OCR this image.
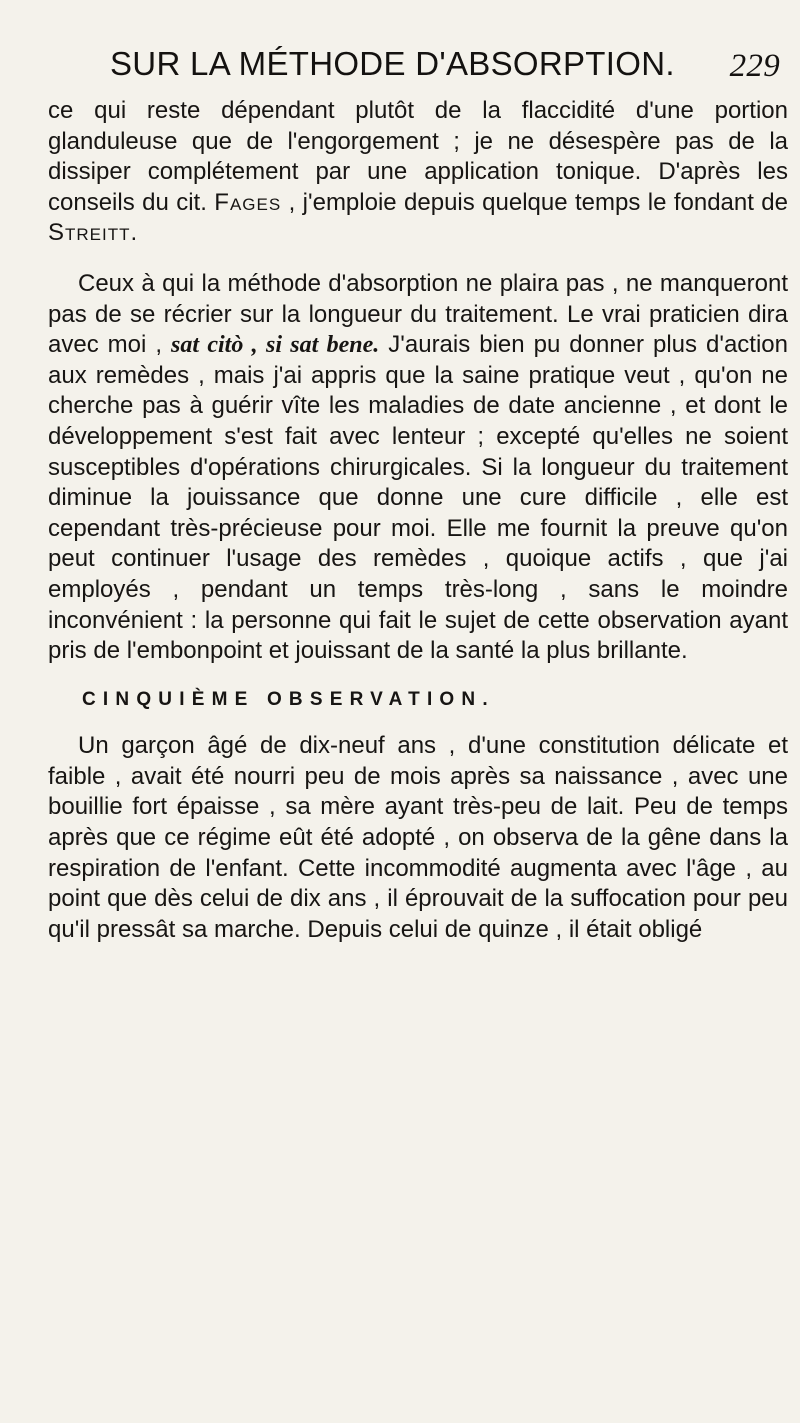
SUR LA MÉTHODE D'ABSORPTION. 229

ce qui reste dépendant plutôt de la flaccidité d'une portion glanduleuse que de l'engorgement ; je ne désespère pas de la dissiper complétement par une application tonique. D'après les conseils du cit. Fages , j'emploie depuis quelque temps le fondant de Streitt.

Ceux à qui la méthode d'absorption ne plaira pas , ne manqueront pas de se récrier sur la longueur du traitement. Le vrai praticien dira avec moi , sat citò , si sat bene. J'aurais bien pu donner plus d'action aux remèdes , mais j'ai appris que la saine pratique veut , qu'on ne cherche pas à guérir vîte les maladies de date ancienne , et dont le développement s'est fait avec lenteur ; excepté qu'elles ne soient susceptibles d'opérations chirurgicales. Si la longueur du traitement diminue la jouissance que donne une cure difficile , elle est cependant très-précieuse pour moi. Elle me fournit la preuve qu'on peut continuer l'usage des remèdes , quoique actifs , que j'ai employés , pendant un temps très-long , sans le moindre inconvénient : la personne qui fait le sujet de cette observation ayant pris de l'embonpoint et jouissant de la santé la plus brillante.

CINQUIÈME OBSERVATION.

Un garçon âgé de dix-neuf ans , d'une constitution délicate et faible , avait été nourri peu de mois après sa naissance , avec une bouillie fort épaisse , sa mère ayant très-peu de lait. Peu de temps après que ce régime eût été adopté , on observa de la gêne dans la respiration de l'enfant. Cette incommodité augmenta avec l'âge , au point que dès celui de dix ans , il éprouvait de la suffocation pour peu qu'il pressât sa marche. Depuis celui de quinze , il était obligé
